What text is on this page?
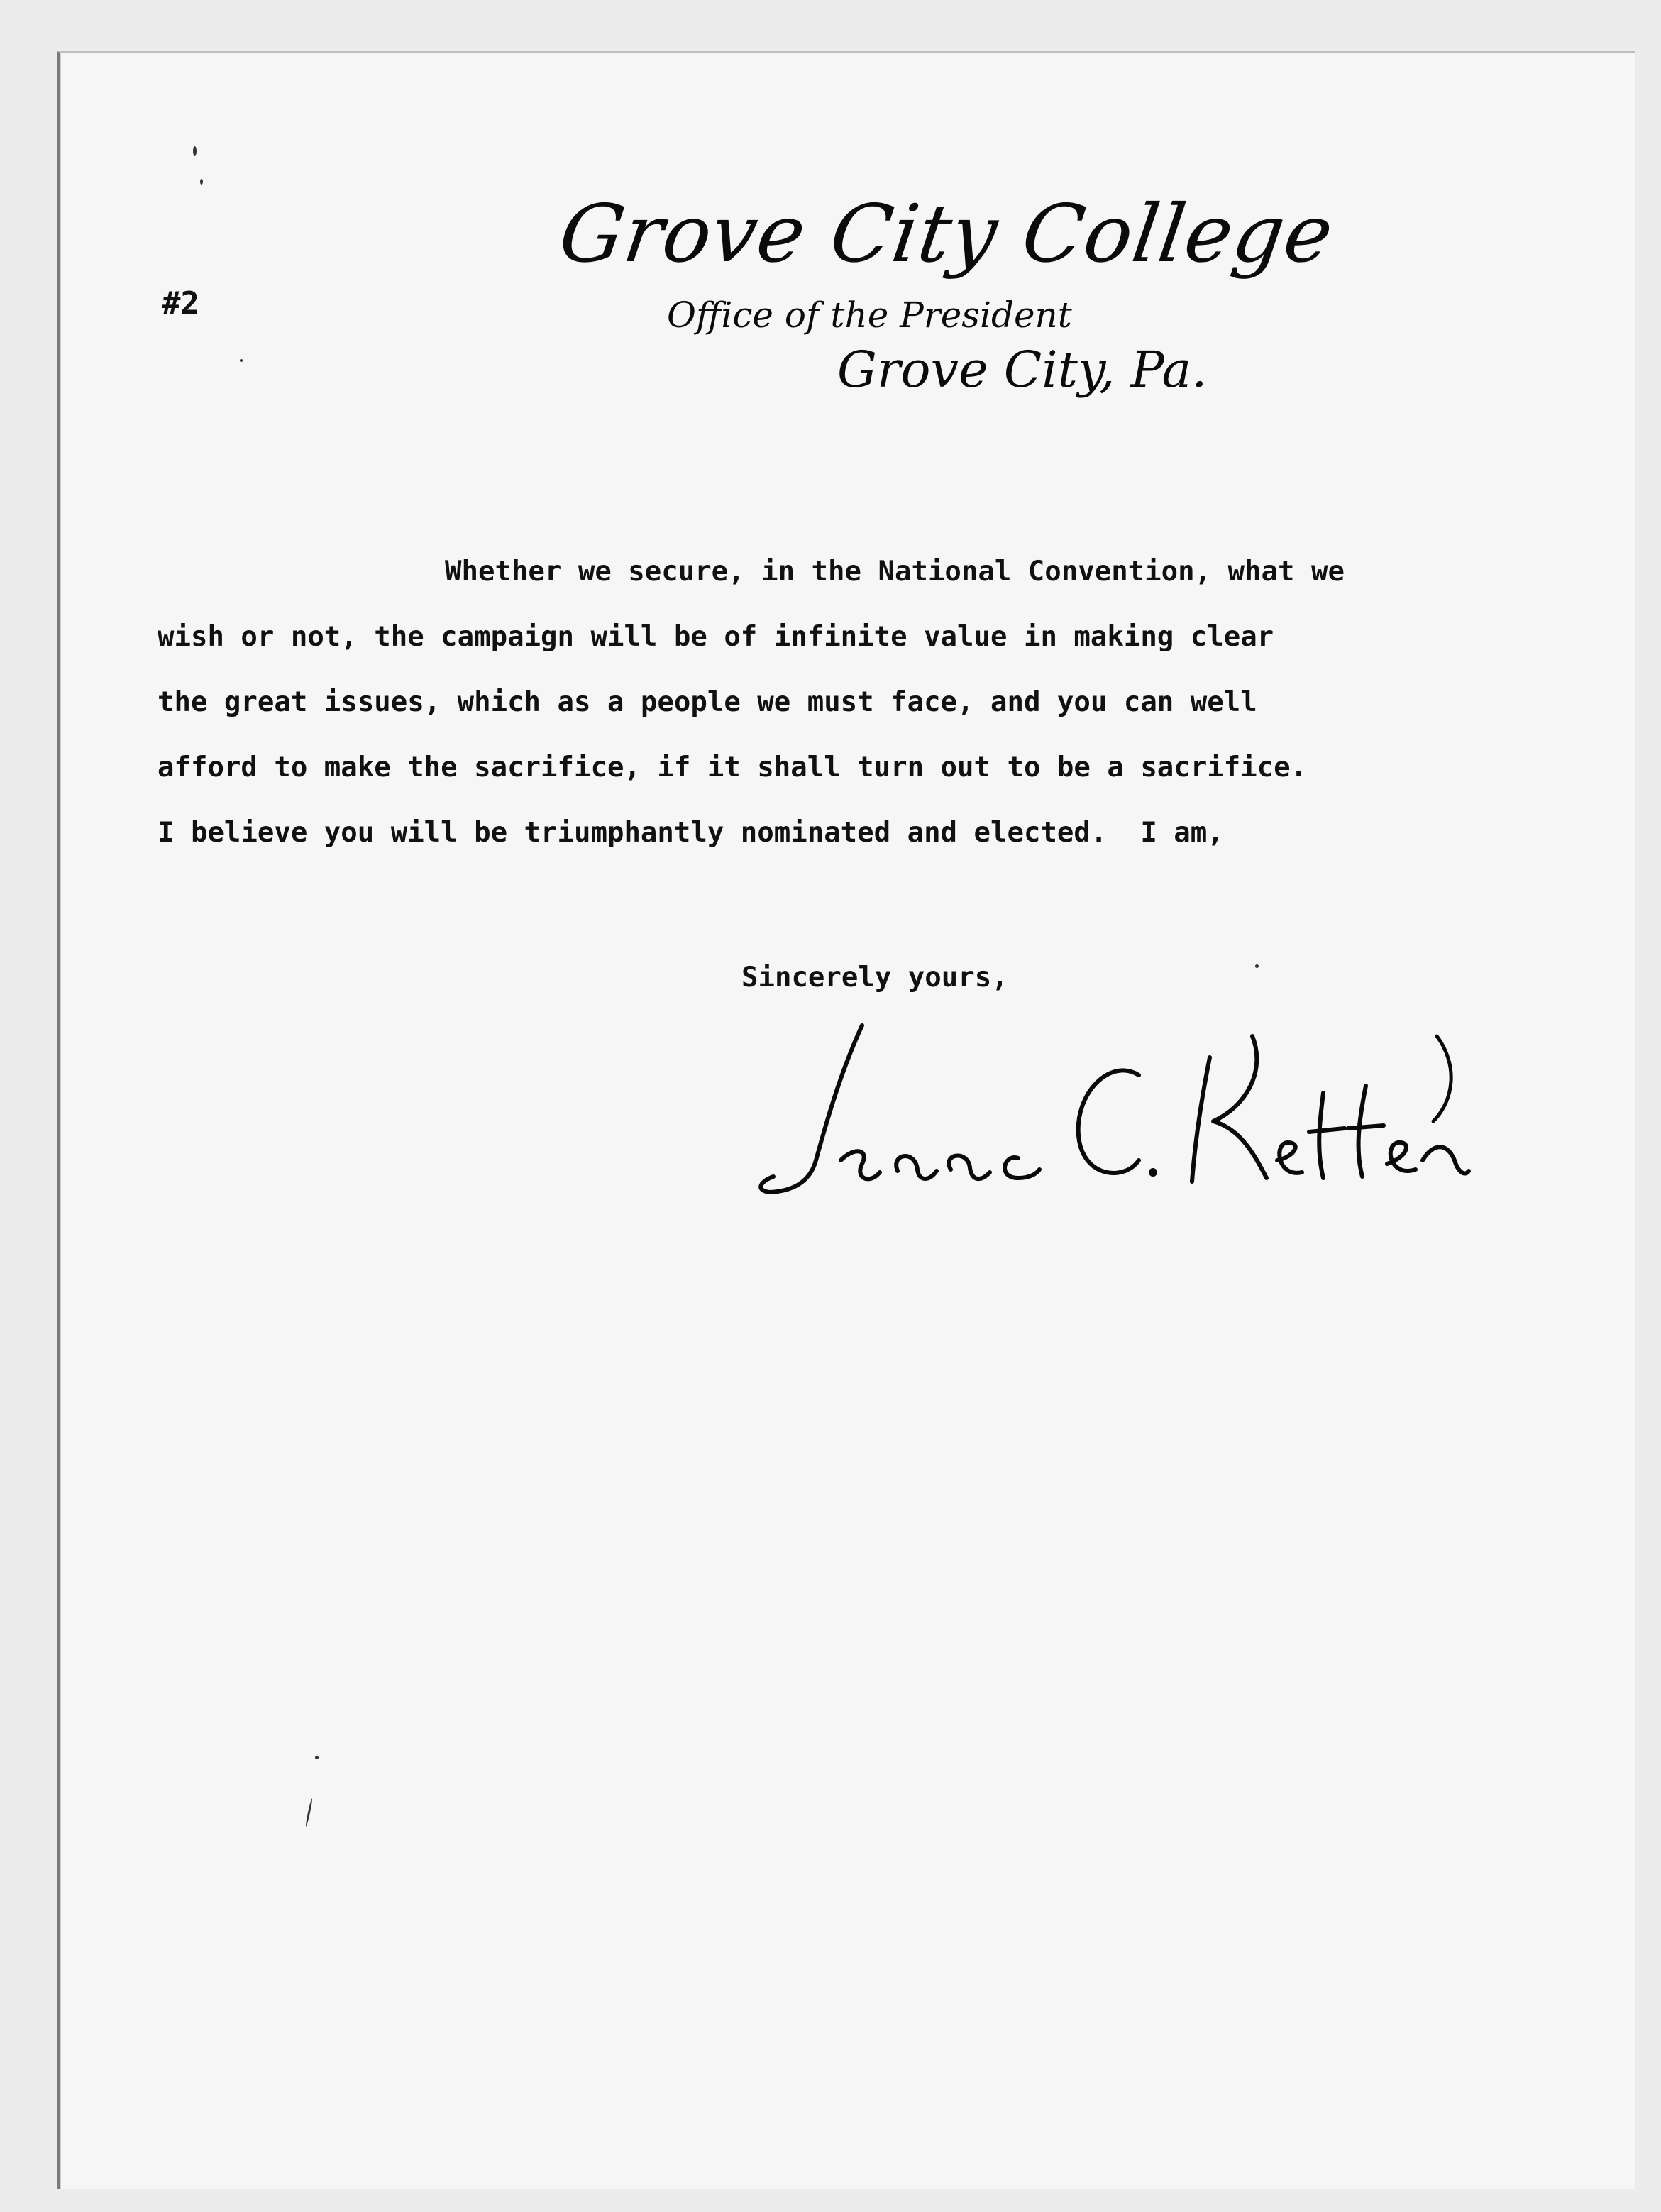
#2
Grove City College
Office of the President
Grove City, Pa.
Whether we secure, in the National Convention, what we
wish or not, the campaign will be of infinite value in making clear
the great issues, which as a people we must face, and you can well
afford to make the sacrifice, if it shall turn out to be a sacrifice.
I believe you will be triumphantly nominated and elected.  I am,
Sincerely yours,
